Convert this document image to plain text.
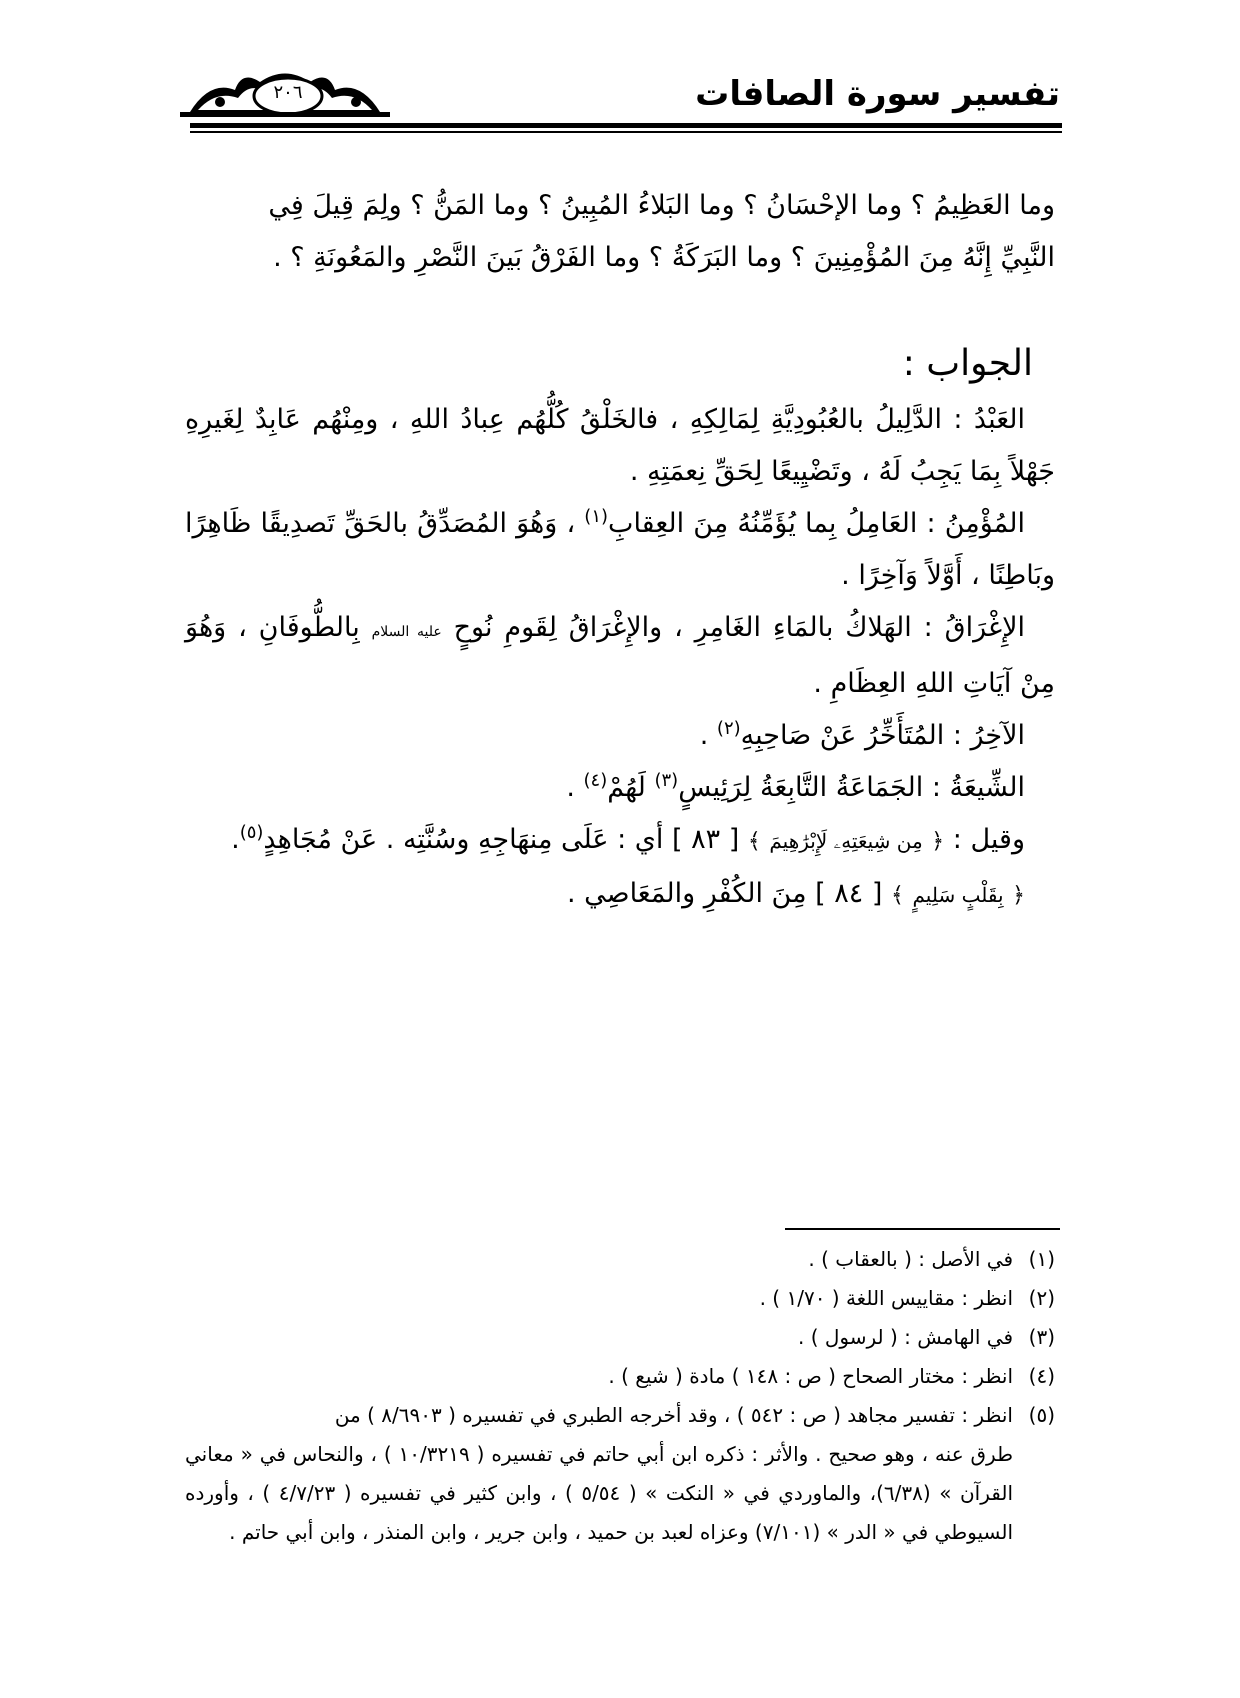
تفسير سورة الصافات
٢٠٦

وما العَظِيمُ ؟ وما الإحْسَانُ ؟ وما البَلاءُ المُبِينُ ؟ وما المَنُّ ؟ ولِمَ قِيلَ فِي
النَّبِيِّ إِنَّهُ مِنَ المُؤْمِنِينَ ؟ وما البَرَكَةُ ؟ وما الفَرْقُ بَينَ النَّصْرِ والمَعُونَةِ ؟ .

الجواب :

العَبْدُ : الدَّلِيلُ بالعُبُودِيَّةِ لِمَالِكِهِ ، فالخَلْقُ كُلُّهُم عِبادُ اللهِ ، ومِنْهُم عَابِدٌ لِغَيرِهِ جَهْلاً بِمَا يَجِبُ لَهُ ، وتَضْيِيعًا لِحَقِّ نِعمَتِهِ .

المُؤْمِنُ : العَامِلُ بِما يُؤَمِّنُهُ مِنَ العِقابِ$^{(١)}$ ، وَهُوَ المُصَدِّقُ بالحَقِّ تَصدِيقًا ظَاهِرًا وبَاطِنًا ، أَوَّلاً وَآخِرًا .

الإِغْرَاقُ : الهَلاكُ بالمَاءِ الغَامِرِ ، والإِغْرَاقُ لِقَومِ نُوحٍ عليه السلام بِالطُّوفَانِ ، وَهُوَ مِنْ آيَاتِ اللهِ العِظَامِ .

الآخِرُ : المُتَأَخِّرُ عَنْ صَاحِبِهِ$^{(٢)}$ .

الشِّيعَةُ : الجَمَاعَةُ التَّابِعَةُ لِرَئِيسٍ$^{(٣)}$ لَهُمْ$^{(٤)}$ .

وقيل : ﴿ مِن شِيعَتِهِۦ لَإِبْرَٰهِيمَ ﴾ [ ٨٣ ] أي : عَلَى مِنهَاجِهِ وسُنَّتِه . عَنْ مُجَاهِدٍ$^{(٥)}$.

﴿ بِقَلْبٍ سَلِيمٍ ﴾ [ ٨٤ ] مِنَ الكُفْرِ والمَعَاصِي .

(١)في الأصل : ( بالعقاب ) .

(٢)انظر : مقاييس اللغة ( ١/٧٠ ) .

(٣)في الهامش : ( لرسول ) .

(٤)انظر : مختار الصحاح ( ص : ١٤٨ ) مادة ( شيع ) .

(٥)انظر : تفسير مجاهد ( ص : ٥٤٢ ) ، وقد أخرجه الطبري في تفسيره ( ٨/٦٩٠٣ ) من

طرق عنه ، وهو صحيح . والأثر : ذكره ابن أبي حاتم في تفسيره ( ١٠/٣٢١٩ ) ، والنحاس في « معاني القرآن » (٦/٣٨)، والماوردي في « النكت » ( ٥/٥٤ ) ، وابن كثير في تفسيره ( ٤/٧/٢٣ ) ، وأورده السيوطي في « الدر » (٧/١٠١) وعزاه لعبد بن حميد ، وابن جرير ، وابن المنذر ، وابن أبي حاتم .
